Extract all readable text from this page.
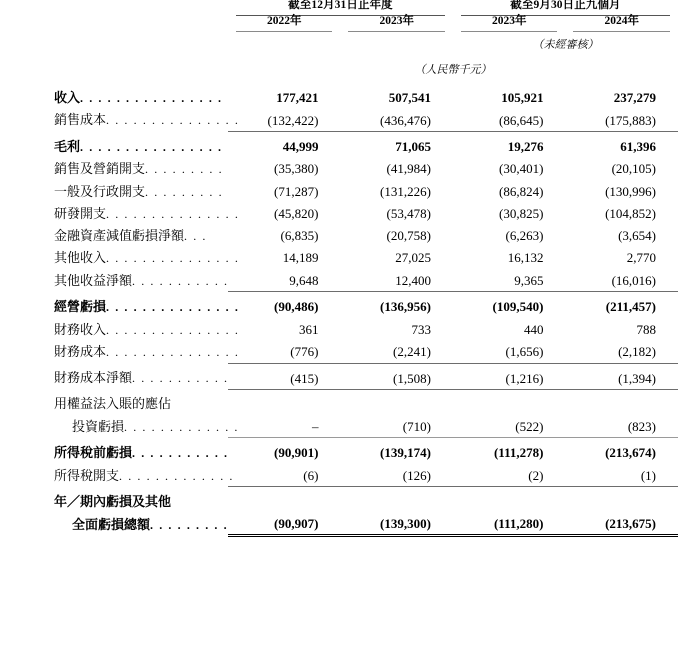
	截至12月31日止年度		截至9月30日止九個月	

	2022年	2023年	2023年	2024年

			（未經審核）	
	（人民幣千元）			
收入. . . . . . . . . . . . . . . .	177,421	507,541	105,921	237,279
銷售成本. . . . . . . . . . . . . . .	(132,422)	(436,476)	(86,645)	(175,883)
毛利. . . . . . . . . . . . . . . .	44,999	71,065	19,276	61,396
銷售及營銷開支. . . . . . . . .	(35,380)	(41,984)	(30,401)	(20,105)
一般及行政開支. . . . . . . . .	(71,287)	(131,226)	(86,824)	(130,996)
研發開支. . . . . . . . . . . . . . .	(45,820)	(53,478)	(30,825)	(104,852)
金融資產減值虧損淨額. . .	(6,835)	(20,758)	(6,263)	(3,654)
其他收入. . . . . . . . . . . . . . .	14,189	27,025	16,132	2,770
其他收益淨額. . . . . . . . . . .	9,648	12,400	9,365	(16,016)
經營虧損. . . . . . . . . . . . . . .	(90,486)	(136,956)	(109,540)	(211,457)
財務收入. . . . . . . . . . . . . . .	361	733	440	788
財務成本. . . . . . . . . . . . . . .	(776)	(2,241)	(1,656)	(2,182)
財務成本淨額. . . . . . . . . . .	(415)	(1,508)	(1,216)	(1,394)
用權益法入賬的應佔				
投資虧損. . . . . . . . . . . . .	–	(710)	(522)	(823)
所得稅前虧損. . . . . . . . . . .	(90,901)	(139,174)	(111,278)	(213,674)
所得稅開支. . . . . . . . . . . . .	(6)	(126)	(2)	(1)
年／期內虧損及其他				
全面虧損總額. . . . . . . . .	(90,907)	(139,300)	(111,280)	(213,675)
